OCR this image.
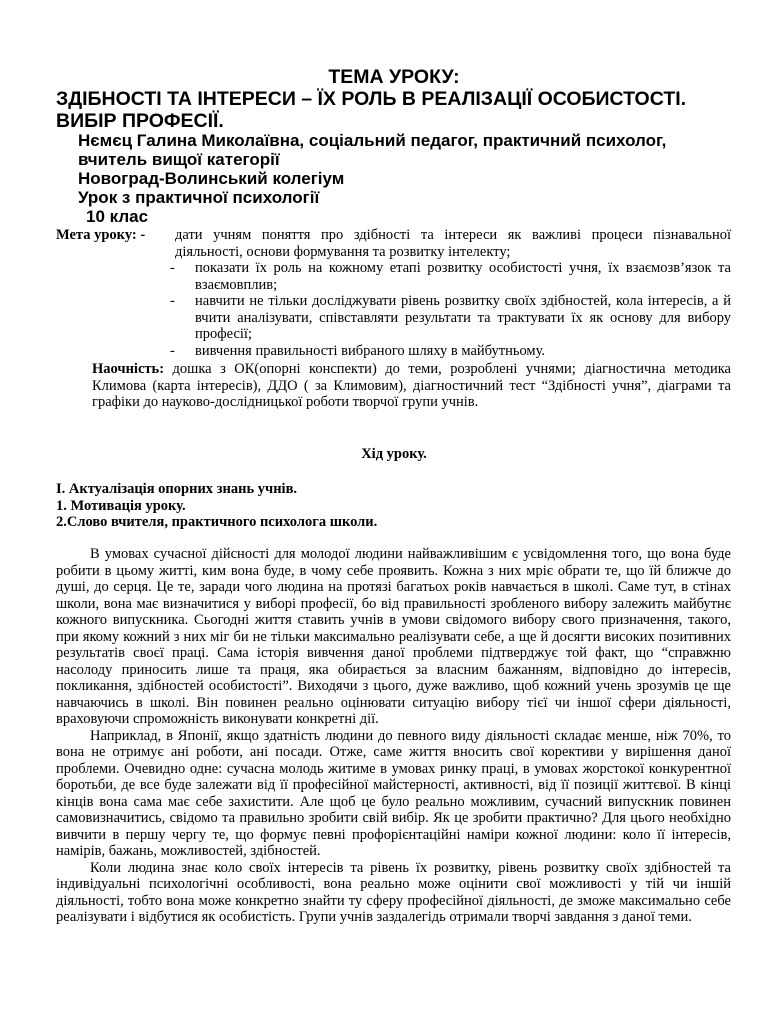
ТЕМА УРОКУ:
ЗДІБНОСТІ ТА ІНТЕРЕСИ – ЇХ РОЛЬ В РЕАЛІЗАЦІЇ ОСОБИСТОСТІ.
ВИБІР ПРОФЕСІЇ.
Нємєц Галина Миколаївна, соціальний педагог, практичний психолог,
вчитель вищої категорії
Новоград-Волинський колегіум
Урок з практичної психології
10 клас
Мета уроку: - дати учням поняття про здібності та інтереси як важливі процеси пізнавальної діяльності, основи формування та розвитку інтелекту;
- показати їх роль на кожному етапі розвитку особистості учня, їх взаємозв’язок та взаємовплив;
- навчити не тільки досліджувати рівень розвитку своїх здібностей, кола інтересів, а й вчити аналізувати, співставляти результати та трактувати їх як основу для вибору професії;
- вивчення правильності вибраного шляху в майбутньому.
Наочність: дошка з ОК(опорні конспекти) до теми, розроблені учнями; діагностична методика Климова (карта інтересів), ДДО ( за Климовим), діагностичний тест “Здібності учня”, діаграми та графіки до науково-дослідницької роботи творчої групи учнів.
Хід уроку.
І. Актуалізація опорних знань учнів.
1. Мотивація уроку.
2.Слово вчителя, практичного психолога школи.

В умовах сучасної дійсності для молодої людини найважливішим є усвідомлення того, що вона буде робити в цьому житті, ким вона буде, в чому себе проявить. Кожна з них мріє обрати те, що їй ближче до душі, до серця. Це те, заради чого людина на протязі багатьох років навчається в школі. Саме тут, в стінах школи, вона має визначитися у виборі професії, бо від правильності зробленого вибору залежить майбутнє кожного випускника. Сьогодні життя ставить учнів в умови свідомого вибору свого призначення, такого, при якому кожний з них міг би не тільки максимально реалізувати себе, а ще й досягти високих позитивних результатів своєї праці. Сама історія вивчення даної проблеми підтверджує той факт, що “справжню насолоду приносить лише та праця, яка обирається за власним бажанням, відповідно до інтересів, покликання, здібностей особистості”. Виходячи з цього, дуже важливо, щоб кожний учень зрозумів це ще навчаючись в школі. Він повинен реально оцінювати ситуацію вибору тієї чи іншої сфери діяльності, враховуючи спроможність виконувати конкретні дії.

Наприклад, в Японії, якщо здатність людини до певного виду діяльності складає менше, ніж 70%, то вона не отримує ані роботи, ані посади. Отже, саме життя вносить свої корективи у вирішення даної проблеми. Очевидно одне: сучасна молодь житиме в умовах ринку праці, в умовах жорстокої конкурентної боротьби, де все буде залежати від її професійної майстерності, активності, від її позиції життєвої. В кінці кінців вона сама має себе захистити. Але щоб це було реально можливим, сучасний випускник повинен самовизначитись, свідомо та правильно зробити свій вибір. Як це зробити практично? Для цього необхідно вивчити в першу чергу те, що формує певні профорієнтаційні наміри кожної людини: коло її інтересів, намірів, бажань, можливостей, здібностей.

Коли людина знає коло своїх інтересів та рівень їх розвитку, рівень розвитку своїх здібностей та індивідуальні психологічні особливості, вона реально може оцінити свої можливості у тій чи іншій діяльності, тобто вона може конкретно знайти ту сферу професійної діяльності, де зможе максимально себе реалізувати і відбутися як особистість. Групи учнів заздалегідь отримали творчі завдання з даної теми.
